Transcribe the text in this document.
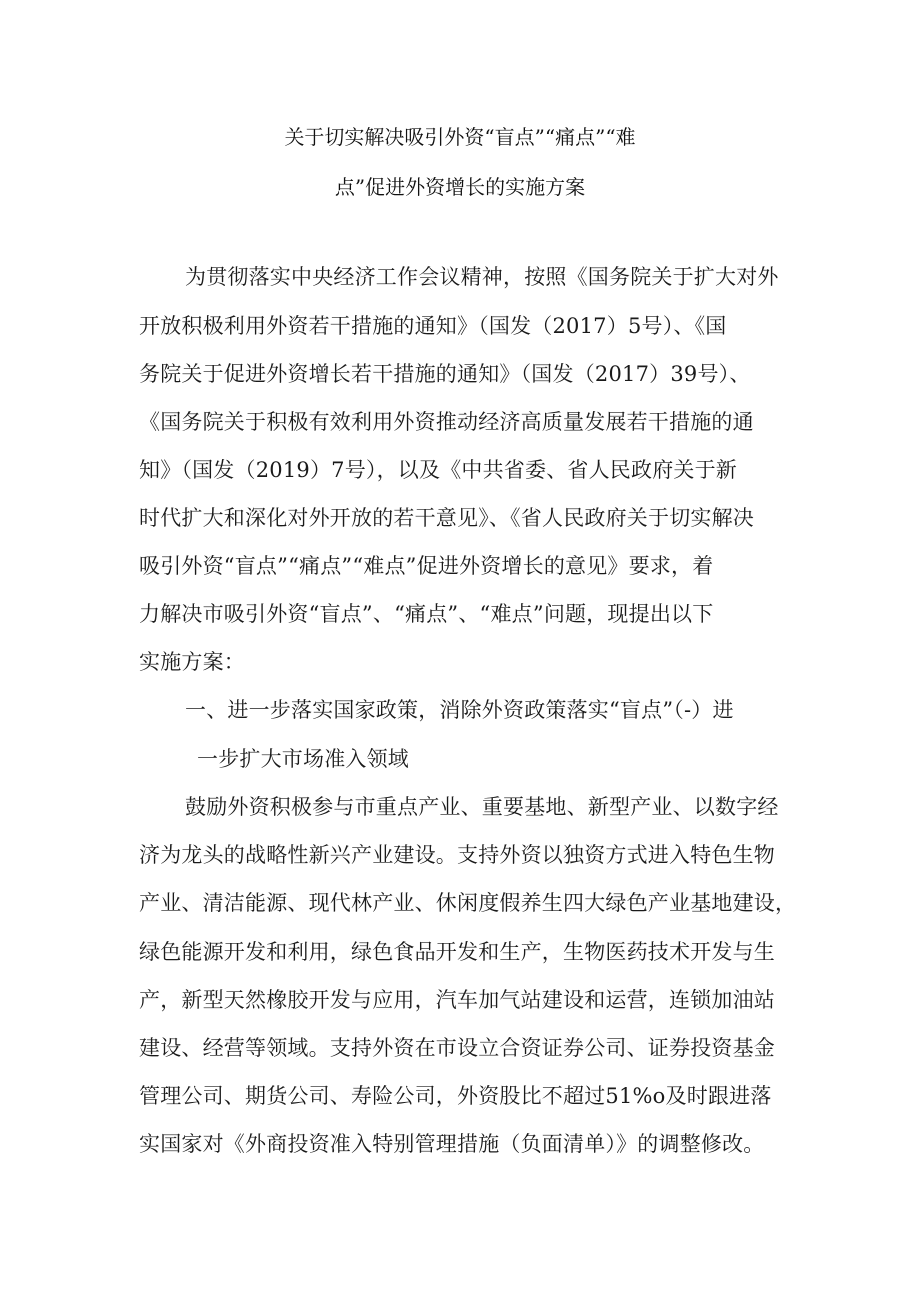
关于切实解决吸引外资“盲点”“痛点”“难
点”促进外资增长的实施方案
为贯彻落实中央经济工作会议精神，按照《国务院关于扩大对外
开放积极利用外资若干措施的通知》（国发（2017）5号）、《国
务院关于促进外资增长若干措施的通知》（国发（2017）39号）、
《国务院关于积极有效利用外资推动经济高质量发展若干措施的通
知》（国发（2019）7号），以及《中共省委、省人民政府关于新
时代扩大和深化对外开放的若干意见》、《省人民政府关于切实解决
吸引外资“盲点”“痛点”“难点”促进外资增长的意见》要求，着
力解决市吸引外资“盲点”、“痛点”、“难点”问题，现提出以下
实施方案：
一、进一步落实国家政策，消除外资政策落实“盲点”（-）进
一步扩大市场准入领域
鼓励外资积极参与市重点产业、重要基地、新型产业、以数字经
济为龙头的战略性新兴产业建设。支持外资以独资方式进入特色生物
产业、清洁能源、现代林产业、休闲度假养生四大绿色产业基地建设，
绿色能源开发和利用，绿色食品开发和生产，生物医药技术开发与生
产，新型天然橡胶开发与应用，汽车加气站建设和运营，连锁加油站
建设、经营等领域。支持外资在市设立合资证券公司、证券投资基金
管理公司、期货公司、寿险公司，外资股比不超过51%o及时跟进落
实国家对《外商投资准入特别管理措施（负面清单）》的调整修改。
